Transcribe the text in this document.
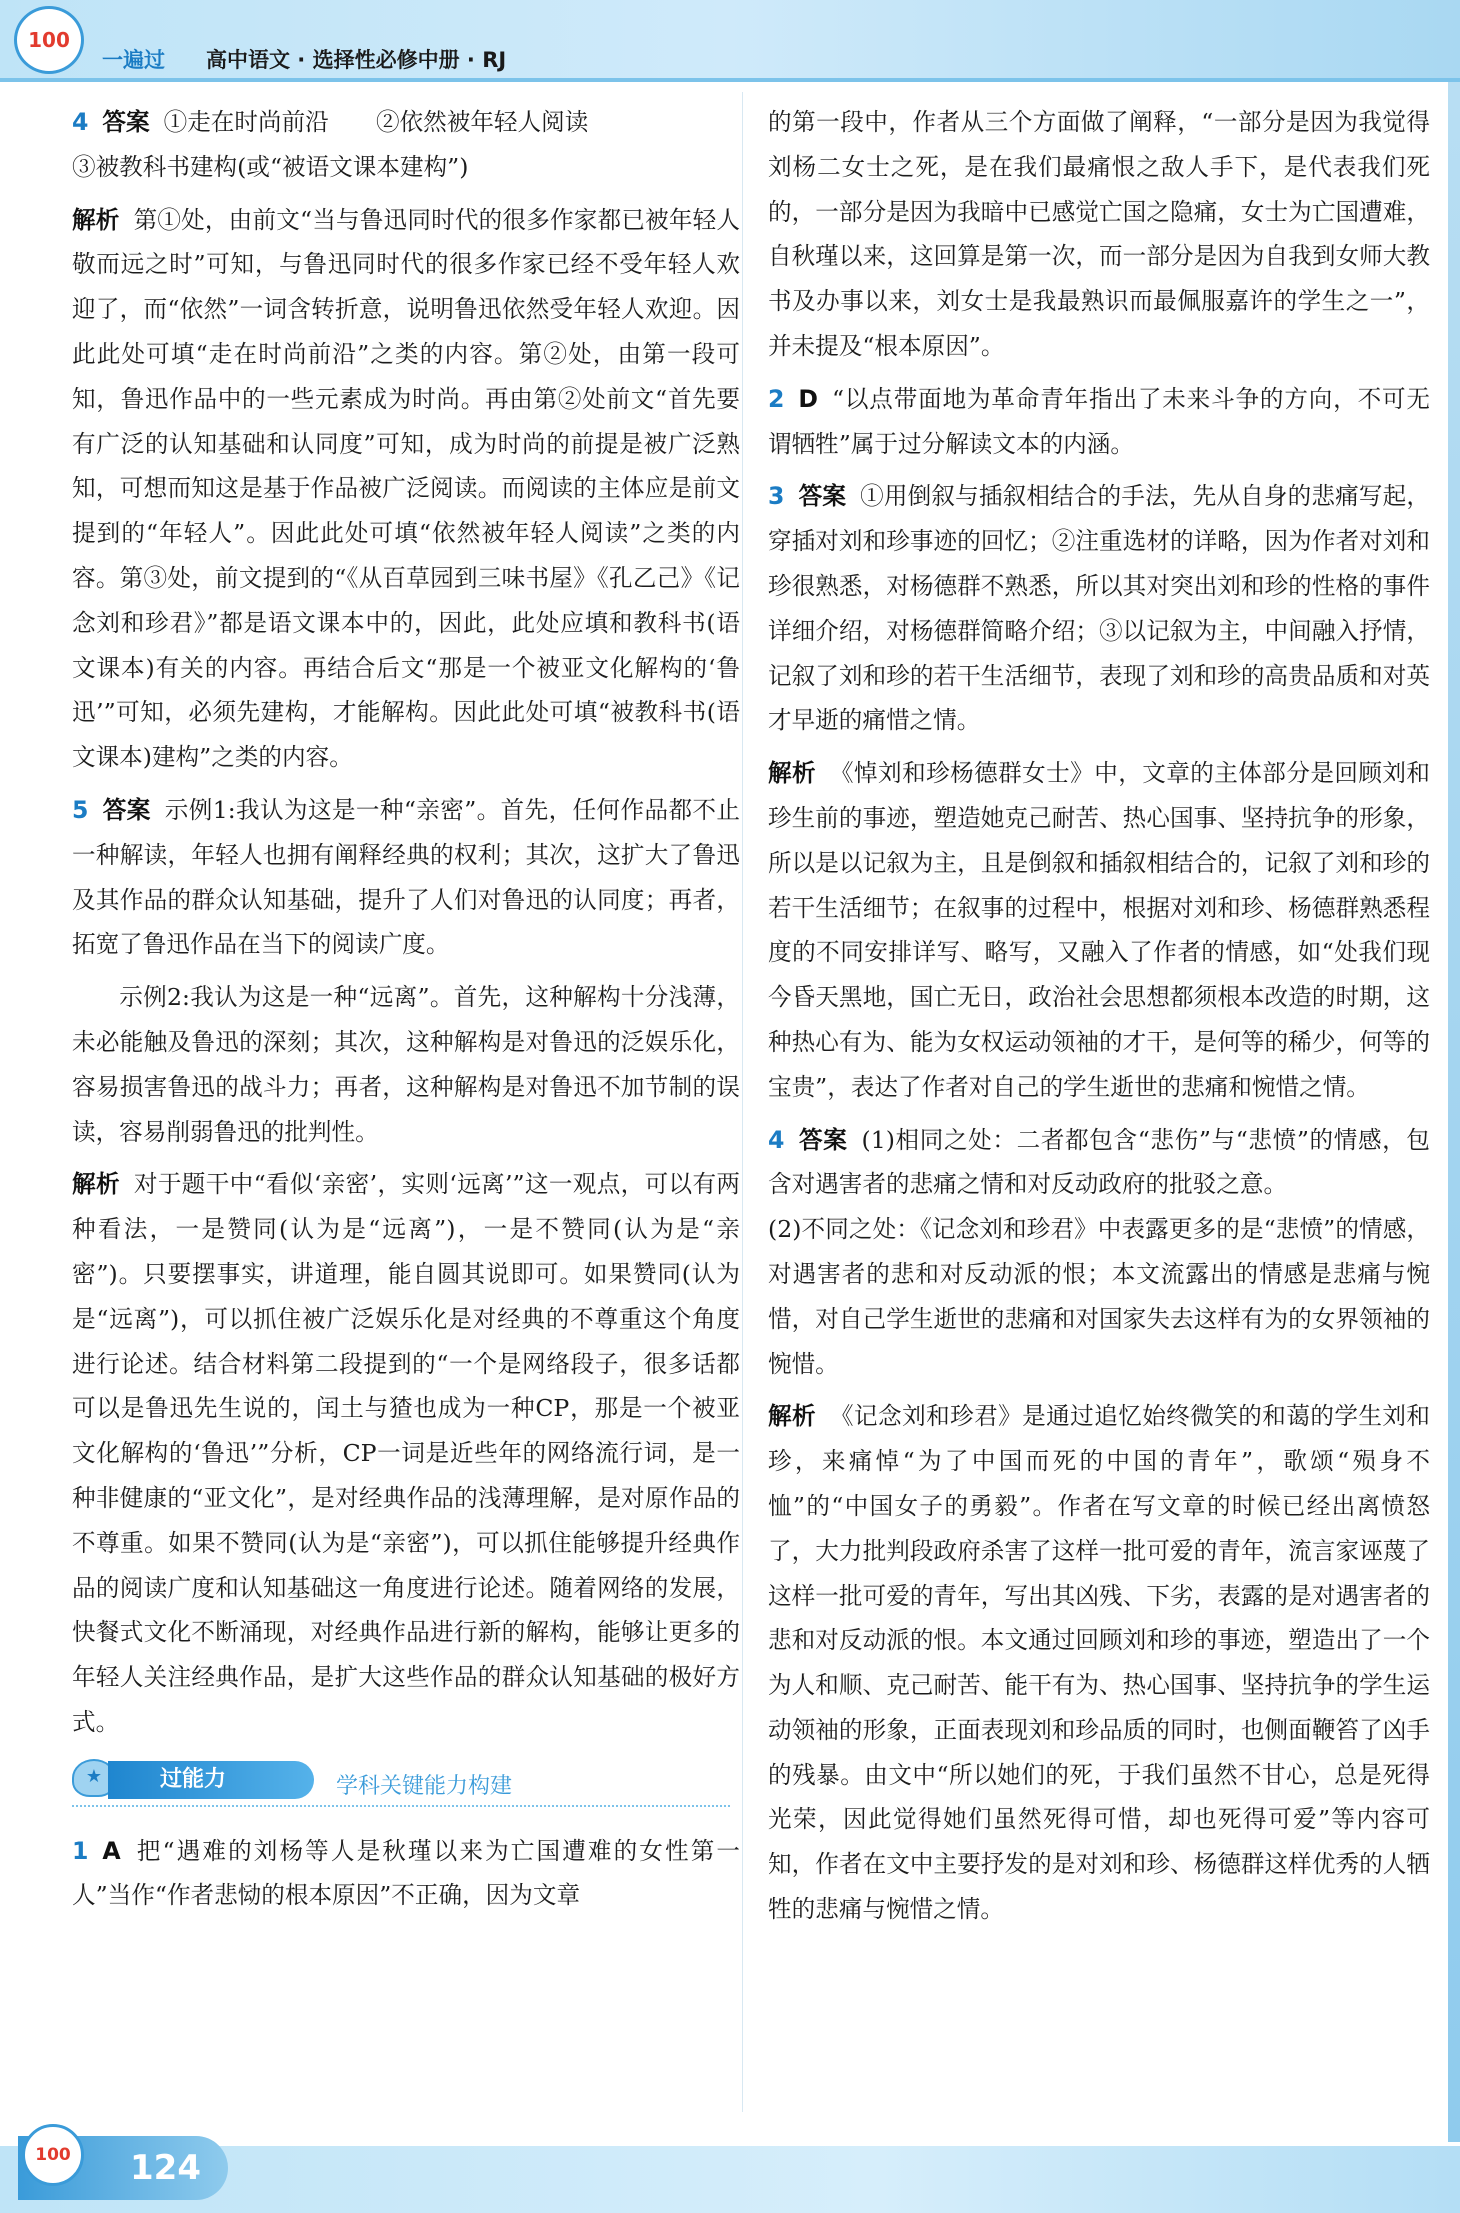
100
一遍过 高中语文 · 选择性必修中册 · RJ

4 答案 ①走在时尚前沿　　②依然被年轻人阅读
③被教科书建构(或“被语文课本建构”)

解析 第①处，由前文“当与鲁迅同时代的很多作家都已被年轻人敬而远之时”可知，与鲁迅同时代的很多作家已经不受年轻人欢迎了，而“依然”一词含转折意，说明鲁迅依然受年轻人欢迎。因此此处可填“走在时尚前沿”之类的内容。第②处，由第一段可知，鲁迅作品中的一些元素成为时尚。再由第②处前文“首先要有广泛的认知基础和认同度”可知，成为时尚的前提是被广泛熟知，可想而知这是基于作品被广泛阅读。而阅读的主体应是前文提到的“年轻人”。因此此处可填“依然被年轻人阅读”之类的内容。第③处，前文提到的“《从百草园到三味书屋》《孔乙己》《记念刘和珍君》”都是语文课本中的，因此，此处应填和教科书(语文课本)有关的内容。再结合后文“那是一个被亚文化解构的‘鲁迅’”可知，必须先建构，才能解构。因此此处可填“被教科书(语文课本)建构”之类的内容。

5 答案 示例1:我认为这是一种“亲密”。首先，任何作品都不止一种解读，年轻人也拥有阐释经典的权利；其次，这扩大了鲁迅及其作品的群众认知基础，提升了人们对鲁迅的认同度；再者，拓宽了鲁迅作品在当下的阅读广度。

示例2:我认为这是一种“远离”。首先，这种解构十分浅薄，未必能触及鲁迅的深刻；其次，这种解构是对鲁迅的泛娱乐化，容易损害鲁迅的战斗力；再者，这种解构是对鲁迅不加节制的误读，容易削弱鲁迅的批判性。

解析 对于题干中“看似‘亲密’，实则‘远离’”这一观点，可以有两种看法，一是赞同(认为是“远离”)，一是不赞同(认为是“亲密”)。只要摆事实，讲道理，能自圆其说即可。如果赞同(认为是“远离”)，可以抓住被广泛娱乐化是对经典的不尊重这个角度进行论述。结合材料第二段提到的“一个是网络段子，很多话都可以是鲁迅先生说的，闰土与猹也成为一种CP，那是一个被亚文化解构的‘鲁迅’”分析，CP一词是近些年的网络流行词，是一种非健康的“亚文化”，是对经典作品的浅薄理解，是对原作品的不尊重。如果不赞同(认为是“亲密”)，可以抓住能够提升经典作品的阅读广度和认知基础这一角度进行论述。随着网络的发展，快餐式文化不断涌现，对经典作品进行新的解构，能够让更多的年轻人关注经典作品，是扩大这些作品的群众认知基础的极好方式。

★	过能力	学科关键能力构建

1 A 把“遇难的刘杨等人是秋瑾以来为亡国遭难的女性第一人”当作“作者悲恸的根本原因”不正确，因为文章

的第一段中，作者从三个方面做了阐释，“一部分是因为我觉得刘杨二女士之死，是在我们最痛恨之敌人手下，是代表我们死的，一部分是因为我暗中已感觉亡国之隐痛，女士为亡国遭难，自秋瑾以来，这回算是第一次，而一部分是因为自我到女师大教书及办事以来，刘女士是我最熟识而最佩服嘉许的学生之一”，并未提及“根本原因”。

2 D “以点带面地为革命青年指出了未来斗争的方向，不可无谓牺牲”属于过分解读文本的内涵。

3 答案 ①用倒叙与插叙相结合的手法，先从自身的悲痛写起，穿插对刘和珍事迹的回忆；②注重选材的详略，因为作者对刘和珍很熟悉，对杨德群不熟悉，所以其对突出刘和珍的性格的事件详细介绍，对杨德群简略介绍；③以记叙为主，中间融入抒情，记叙了刘和珍的若干生活细节，表现了刘和珍的高贵品质和对英才早逝的痛惜之情。

解析 《悼刘和珍杨德群女士》中，文章的主体部分是回顾刘和珍生前的事迹，塑造她克己耐苦、热心国事、坚持抗争的形象，所以是以记叙为主，且是倒叙和插叙相结合的，记叙了刘和珍的若干生活细节；在叙事的过程中，根据对刘和珍、杨德群熟悉程度的不同安排详写、略写，又融入了作者的情感，如“处我们现今昏天黑地，国亡无日，政治社会思想都须根本改造的时期，这种热心有为、能为女权运动领袖的才干，是何等的稀少，何等的宝贵”，表达了作者对自己的学生逝世的悲痛和惋惜之情。

4 答案 (1)相同之处：二者都包含“悲伤”与“悲愤”的情感，包含对遇害者的悲痛之情和对反动政府的批驳之意。
(2)不同之处：《记念刘和珍君》中表露更多的是“悲愤”的情感，对遇害者的悲和对反动派的恨；本文流露出的情感是悲痛与惋惜，对自己学生逝世的悲痛和对国家失去这样有为的女界领袖的惋惜。

解析 《记念刘和珍君》是通过追忆始终微笑的和蔼的学生刘和珍，来痛悼“为了中国而死的中国的青年”，歌颂“殒身不恤”的“中国女子的勇毅”。作者在写文章的时候已经出离愤怒了，大力批判段政府杀害了这样一批可爱的青年，流言家诬蔑了这样一批可爱的青年，写出其凶残、下劣，表露的是对遇害者的悲和对反动派的恨。本文通过回顾刘和珍的事迹，塑造出了一个为人和顺、克己耐苦、能干有为、热心国事、坚持抗争的学生运动领袖的形象，正面表现刘和珍品质的同时，也侧面鞭笞了凶手的残暴。由文中“所以她们的死，于我们虽然不甘心，总是死得光荣，因此觉得她们虽然死得可惜，却也死得可爱”等内容可知，作者在文中主要抒发的是对刘和珍、杨德群这样优秀的人牺牲的悲痛与惋惜之情。

100 124
